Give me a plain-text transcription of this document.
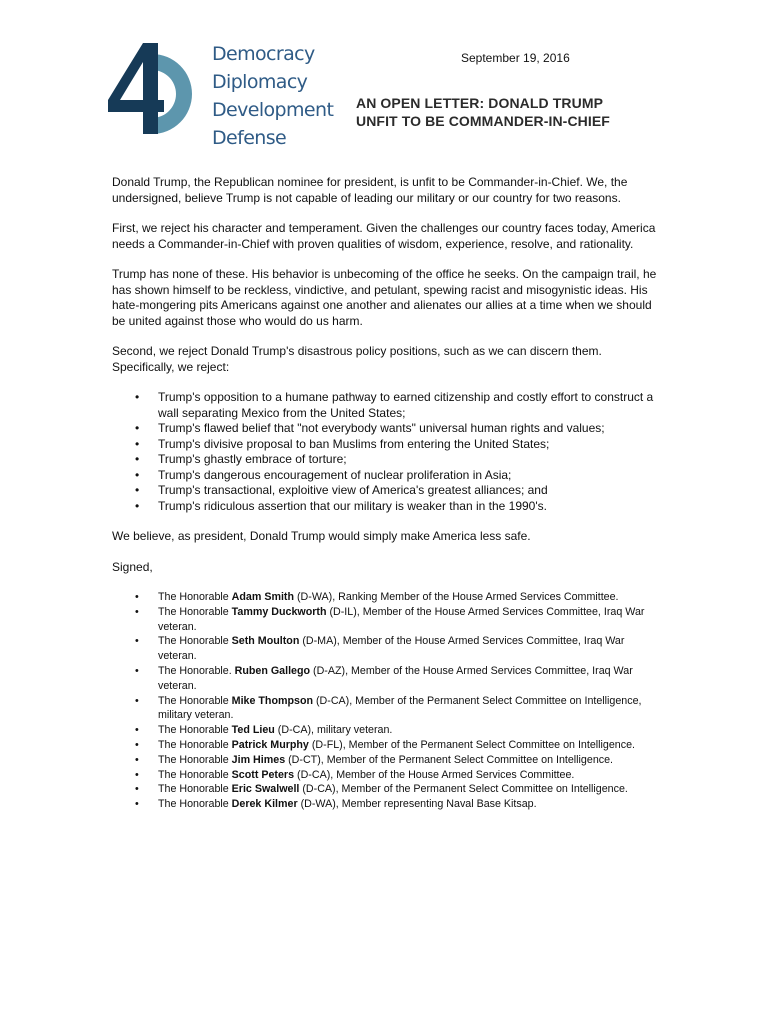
Democracy
Diplomacy
Development
Defense
September 19, 2016
AN OPEN LETTER: DONALD TRUMP
UNFIT TO BE COMMANDER-IN-CHIEF

Donald Trump, the Republican nominee for president, is unfit to be Commander-in-Chief. We, the undersigned, believe Trump is not capable of leading our military or our country for two reasons.

First, we reject his character and temperament. Given the challenges our country faces today, America needs a Commander-in-Chief with proven qualities of wisdom, experience, resolve, and rationality.

Trump has none of these. His behavior is unbecoming of the office he seeks. On the campaign trail, he has shown himself to be reckless, vindictive, and petulant, spewing racist and misogynistic ideas. His hate-mongering pits Americans against one another and alienates our allies at a time when we should be united against those who would do us harm.

Second, we reject Donald Trump's disastrous policy positions, such as we can discern them. Specifically, we reject:

• Trump's opposition to a humane pathway to earned citizenship and costly effort to construct a wall separating Mexico from the United States;
• Trump's flawed belief that "not everybody wants" universal human rights and values;
• Trump's divisive proposal to ban Muslims from entering the United States;
• Trump's ghastly embrace of torture;
• Trump's dangerous encouragement of nuclear proliferation in Asia;
• Trump's transactional, exploitive view of America's greatest alliances; and
• Trump's ridiculous assertion that our military is weaker than in the 1990's.

We believe, as president, Donald Trump would simply make America less safe.

Signed,

• The Honorable Adam Smith (D-WA), Ranking Member of the House Armed Services Committee.
• The Honorable Tammy Duckworth (D-IL), Member of the House Armed Services Committee, Iraq War veteran.
• The Honorable Seth Moulton (D-MA), Member of the House Armed Services Committee, Iraq War veteran.
• The Honorable. Ruben Gallego (D-AZ), Member of the House Armed Services Committee, Iraq War veteran.
• The Honorable Mike Thompson (D-CA), Member of the Permanent Select Committee on Intelligence, military veteran.
• The Honorable Ted Lieu (D-CA), military veteran.
• The Honorable Patrick Murphy (D-FL), Member of the Permanent Select Committee on Intelligence.
• The Honorable Jim Himes (D-CT), Member of the Permanent Select Committee on Intelligence.
• The Honorable Scott Peters (D-CA), Member of the House Armed Services Committee.
• The Honorable Eric Swalwell (D-CA), Member of the Permanent Select Committee on Intelligence.
• The Honorable Derek Kilmer (D-WA), Member representing Naval Base Kitsap.
